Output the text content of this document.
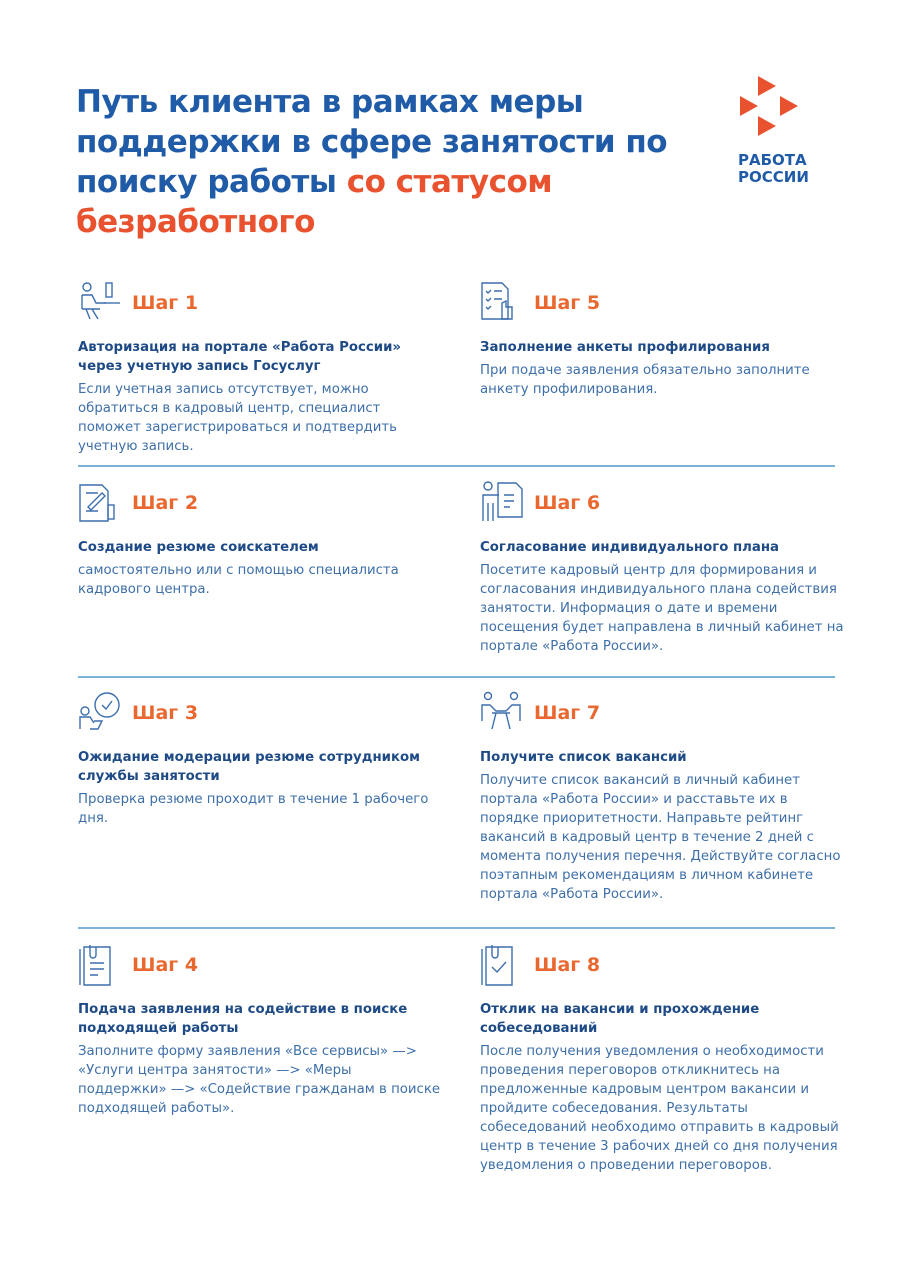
Путь клиента в рамках меры поддержки в сфере занятости по поиску работы со статусом безработного
РАБОТА
РОССИИ
Шаг 1
Авторизация на портале «Работа России» через учетную запись Госуслуг
Если учетная запись отсутствует, можно обратиться в кадровый центр, специалист поможет зарегистрироваться и подтвердить учетную запись.
Шаг 5
Заполнение анкеты профилирования
При подаче заявления обязательно заполните анкету профилирования.
Шаг 2
Создание резюме соискателем
самостоятельно или с помощью специалиста кадрового центра.
Шаг 6
Согласование индивидуального плана
Посетите кадровый центр для формирования и согласования индивидуального плана содействия занятости. Информация о дате и времени посещения будет направлена в личный кабинет на портале «Работа России».
Шаг 3
Ожидание модерации резюме сотрудником службы занятости
Проверка резюме проходит в течение 1 рабочего дня.
Шаг 7
Получите список вакансий
Получите список вакансий в личный кабинет портала «Работа России» и расставьте их в порядке приоритетности. Направьте рейтинг вакансий в кадровый центр в течение 2 дней с момента получения перечня. Действуйте согласно поэтапным рекомендациям в личном кабинете портала «Работа России».
Шаг 4
Подача заявления на содействие в поиске подходящей работы
Заполните форму заявления «Все сервисы» —> «Услуги центра занятости» —> «Меры поддержки» —> «Содействие гражданам в поиске подходящей работы».
Шаг 8
Отклик на вакансии и прохождение собеседований
После получения уведомления о необходимости проведения переговоров откликнитесь на предложенные кадровым центром вакансии и пройдите собеседования. Результаты собеседований необходимо отправить в кадровый центр в течение 3 рабочих дней со дня получения уведомления о проведении переговоров.
